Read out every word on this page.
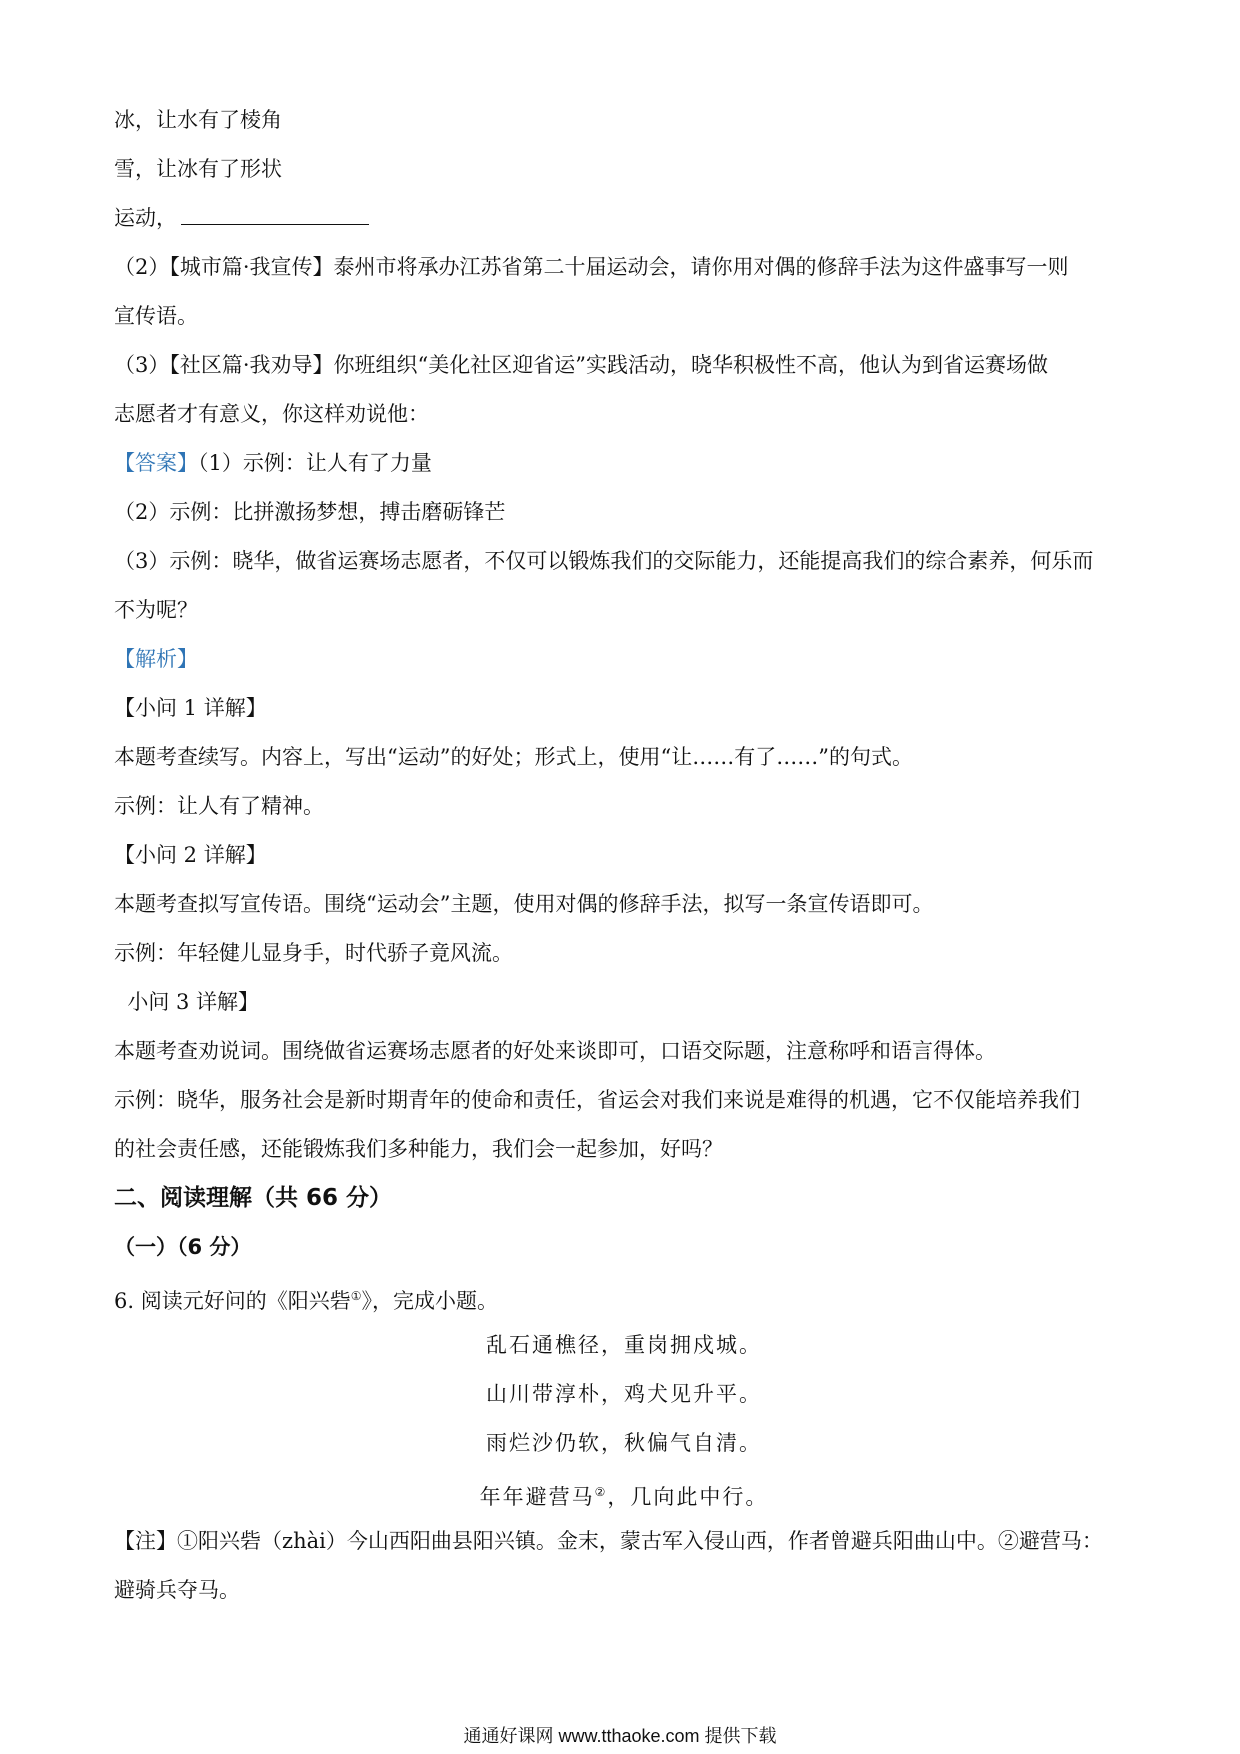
冰，让水有了棱角
雪，让冰有了形状
运动，
（2）【城市篇·我宣传】泰州市将承办江苏省第二十届运动会，请你用对偶的修辞手法为这件盛事写一则
宣传语。
（3）【社区篇·我劝导】你班组织“美化社区迎省运”实践活动，晓华积极性不高，他认为到省运赛场做
志愿者才有意义，你这样劝说他：
【答案】（1）示例：让人有了力量
（2）示例：比拼激扬梦想，搏击磨砺锋芒
（3）示例：晓华，做省运赛场志愿者，不仅可以锻炼我们的交际能力，还能提高我们的综合素养，何乐而
不为呢？
【解析】
【小问 1 详解】
本题考查续写。内容上，写出“运动”的好处；形式上，使用“让……有了……”的句式。
示例：让人有了精神。
【小问 2 详解】
本题考查拟写宣传语。围绕“运动会”主题，使用对偶的修辞手法，拟写一条宣传语即可。
示例：年轻健儿显身手，时代骄子竟风流。
小问 3 详解】
本题考查劝说词。围绕做省运赛场志愿者的好处来谈即可，口语交际题，注意称呼和语言得体。
示例：晓华，服务社会是新时期青年的使命和责任，省运会对我们来说是难得的机遇，它不仅能培养我们
的社会责任感，还能锻炼我们多种能力，我们会一起参加，好吗？
二、阅读理解（共 66 分）
（一）（6 分）
6. 阅读元好问的《阳兴砦①》，完成小题。
乱石通樵径，重岗拥戍城。
山川带淳朴，鸡犬见升平。
雨烂沙仍软，秋偏气自清。
年年避营马②，几向此中行。
【注】①阳兴砦（zhài）今山西阳曲县阳兴镇。金末，蒙古军入侵山西，作者曾避兵阳曲山中。②避营马：
避骑兵夺马。
通通好课网 www.tthaoke.com 提供下载
